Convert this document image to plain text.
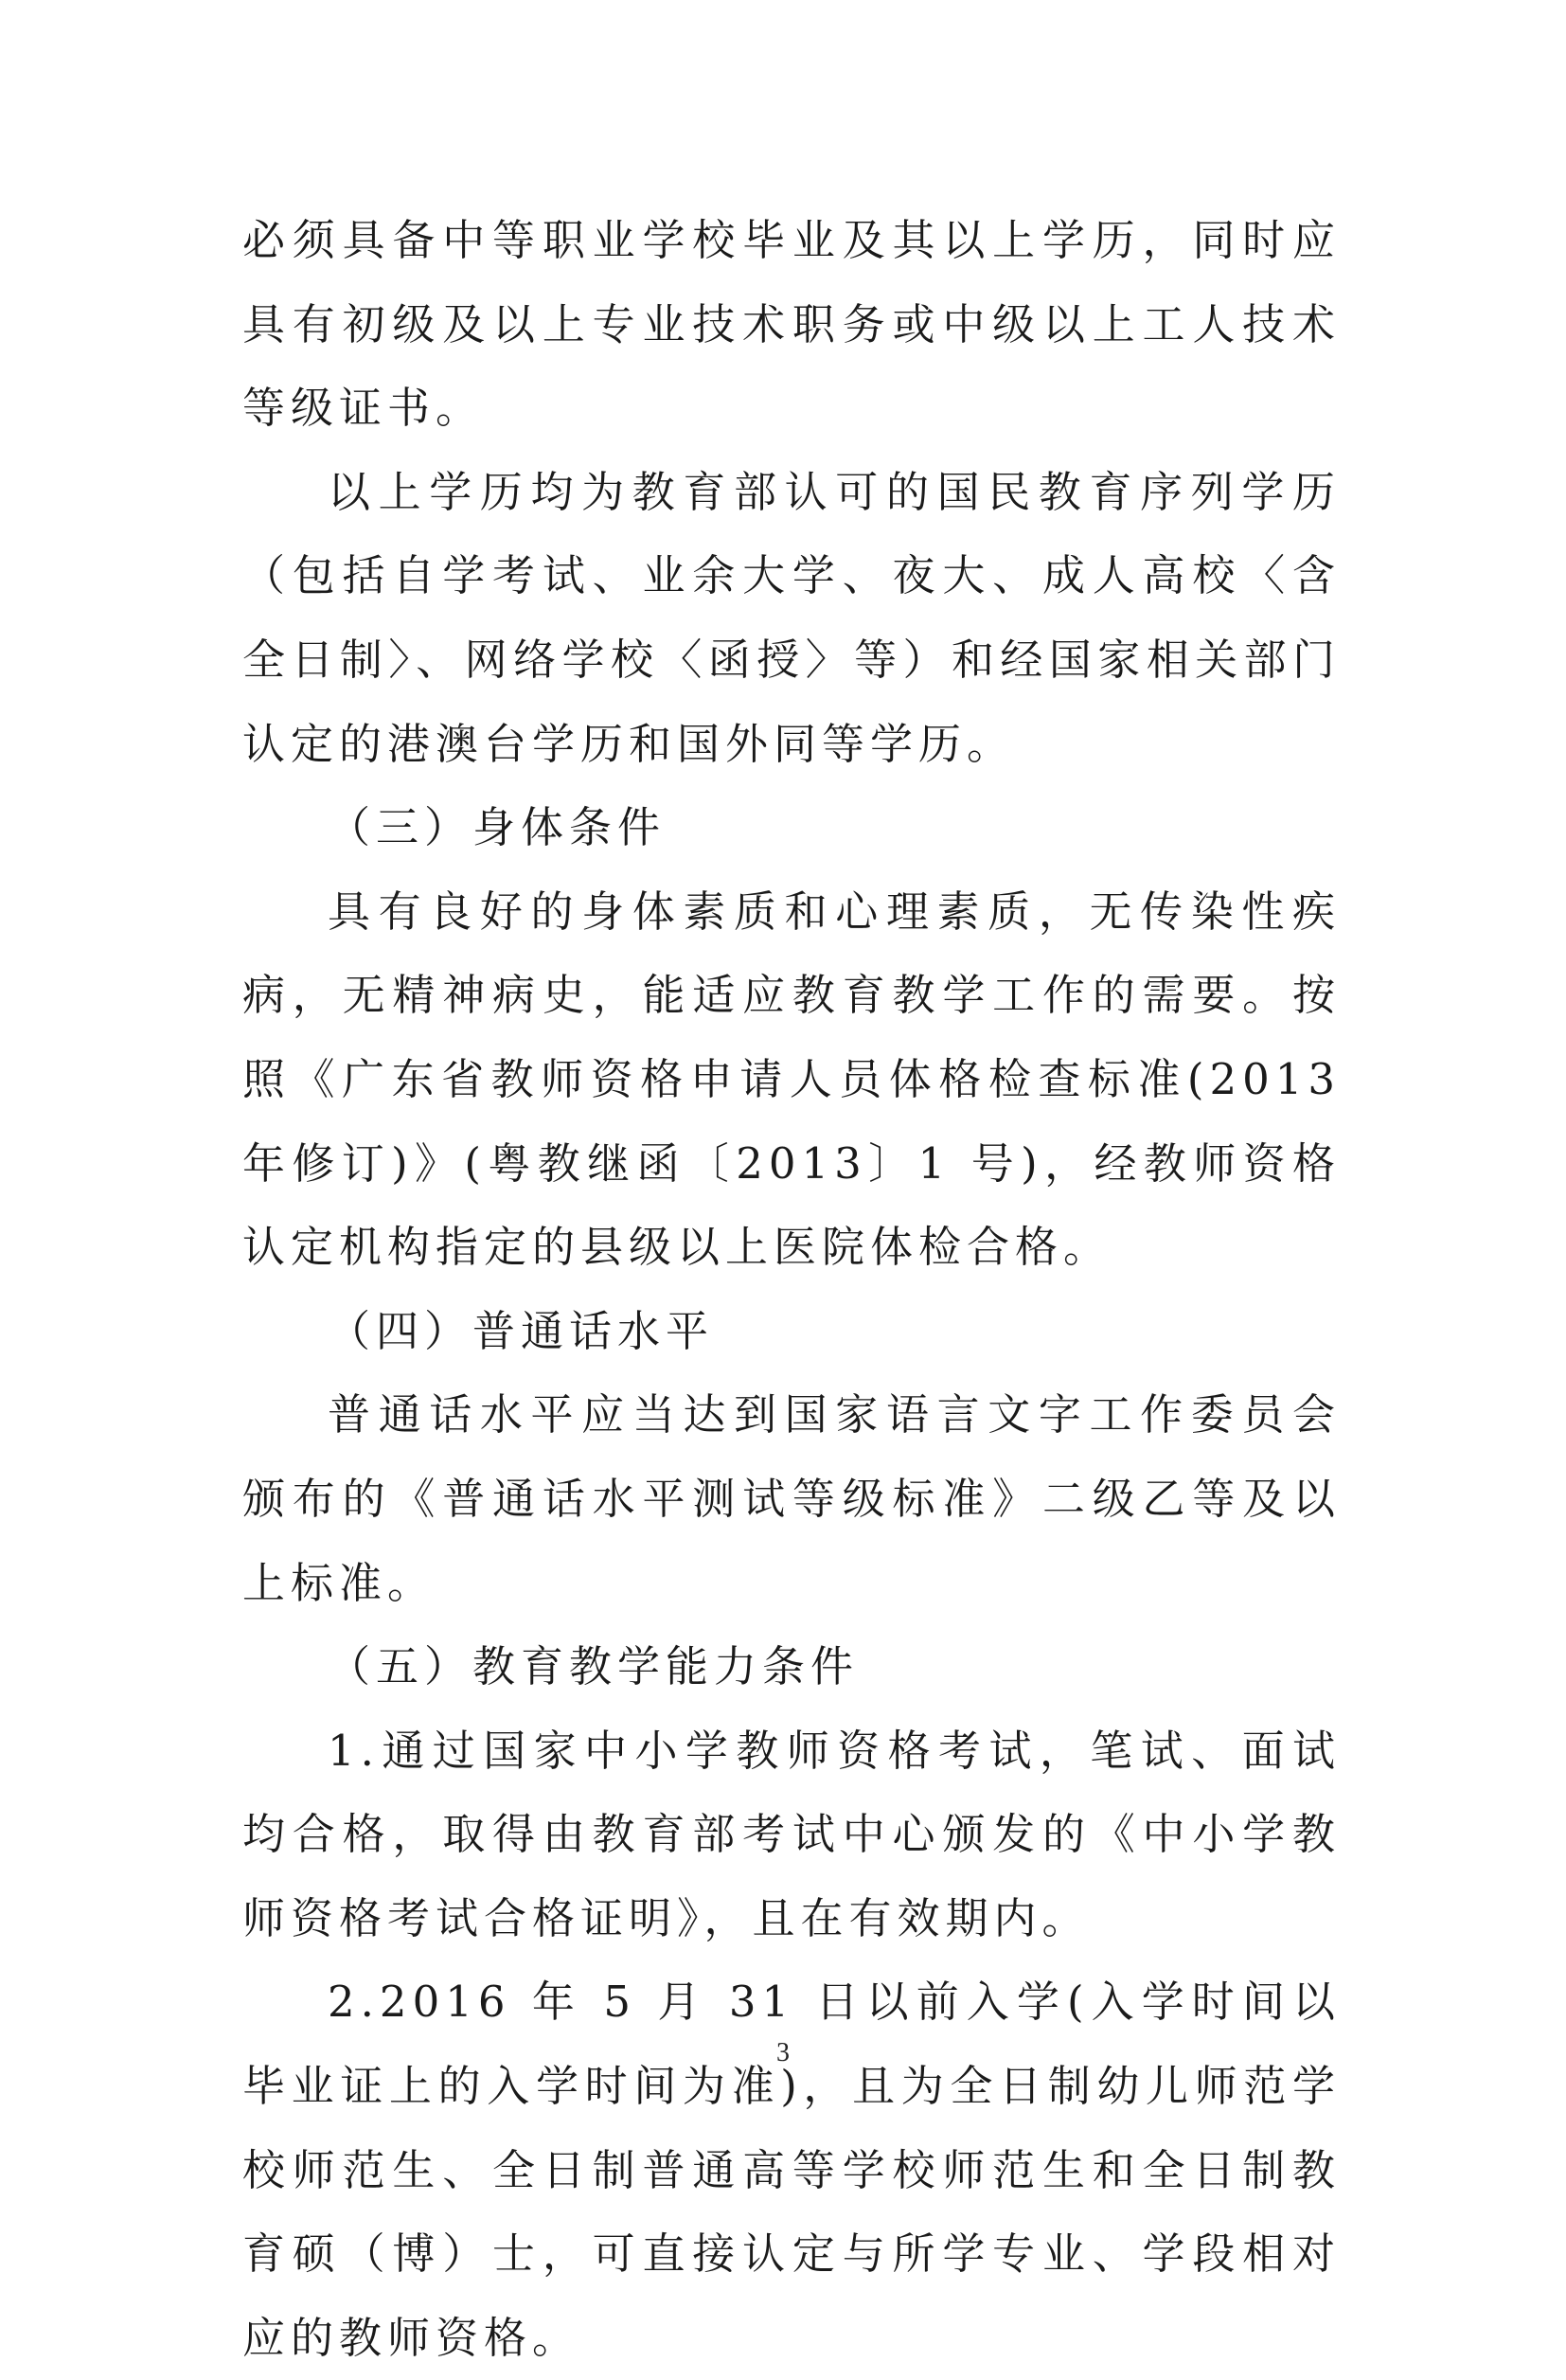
必须具备中等职业学校毕业及其以上学历，同时应具有初级及以上专业技术职务或中级以上工人技术等级证书。

以上学历均为教育部认可的国民教育序列学历（包括自学考试、业余大学、夜大、成人高校〈含全日制〉、网络学校〈函授〉等）和经国家相关部门认定的港澳台学历和国外同等学历。

（三）身体条件

具有良好的身体素质和心理素质，无传染性疾病，无精神病史，能适应教育教学工作的需要。按照《广东省教师资格申请人员体格检查标准(2013 年修订)》(粤教继函〔2013〕1 号)，经教师资格认定机构指定的县级以上医院体检合格。

（四）普通话水平

普通话水平应当达到国家语言文字工作委员会颁布的《普通话水平测试等级标准》二级乙等及以上标准。

（五）教育教学能力条件

1.通过国家中小学教师资格考试，笔试、面试均合格，取得由教育部考试中心颁发的《中小学教师资格考试合格证明》，且在有效期内。

2.2016 年 5 月 31 日以前入学(入学时间以毕业证上的入学时间为准)，且为全日制幼儿师范学校师范生、全日制普通高等学校师范生和全日制教育硕（博）士，可直接认定与所学专业、学段相对应的教师资格。

3
